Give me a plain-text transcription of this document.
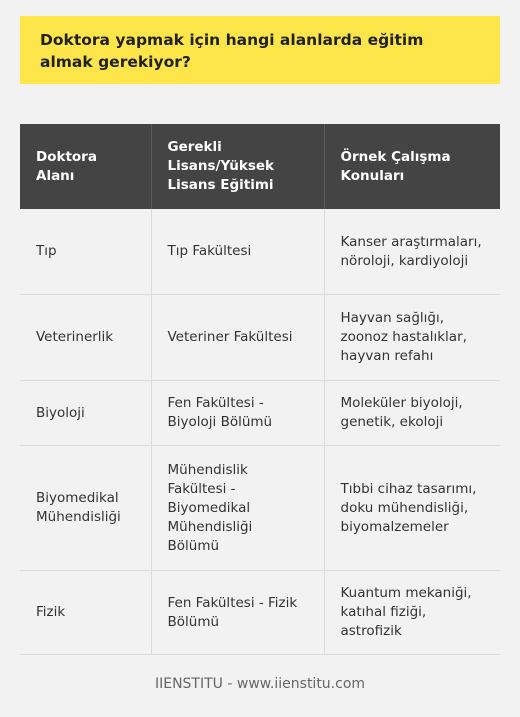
Doktora yapmak için hangi alanlarda eğitim almak gerekiyor?
Doktora Alanı	Gerekli Lisans/Yüksek Lisans Eğitimi	Örnek Çalışma Konuları
Tıp	Tıp Fakültesi	Kanser araştırmaları, nöroloji, kardiyoloji
Veterinerlik	Veteriner Fakültesi	Hayvan sağlığı, zoonoz hastalıklar, hayvan refahı
Biyoloji	Fen Fakültesi - Biyoloji Bölümü	Moleküler biyoloji, genetik, ekoloji
Biyomedikal Mühendisliği	Mühendislik Fakültesi - Biyomedikal Mühendisliği Bölümü	Tıbbi cihaz tasarımı, doku mühendisliği, biyomalzemeler
Fizik	Fen Fakültesi - Fizik Bölümü	Kuantum mekaniği, katıhal fiziği, astrofizik
IIENSTITU - www.iienstitu.com
